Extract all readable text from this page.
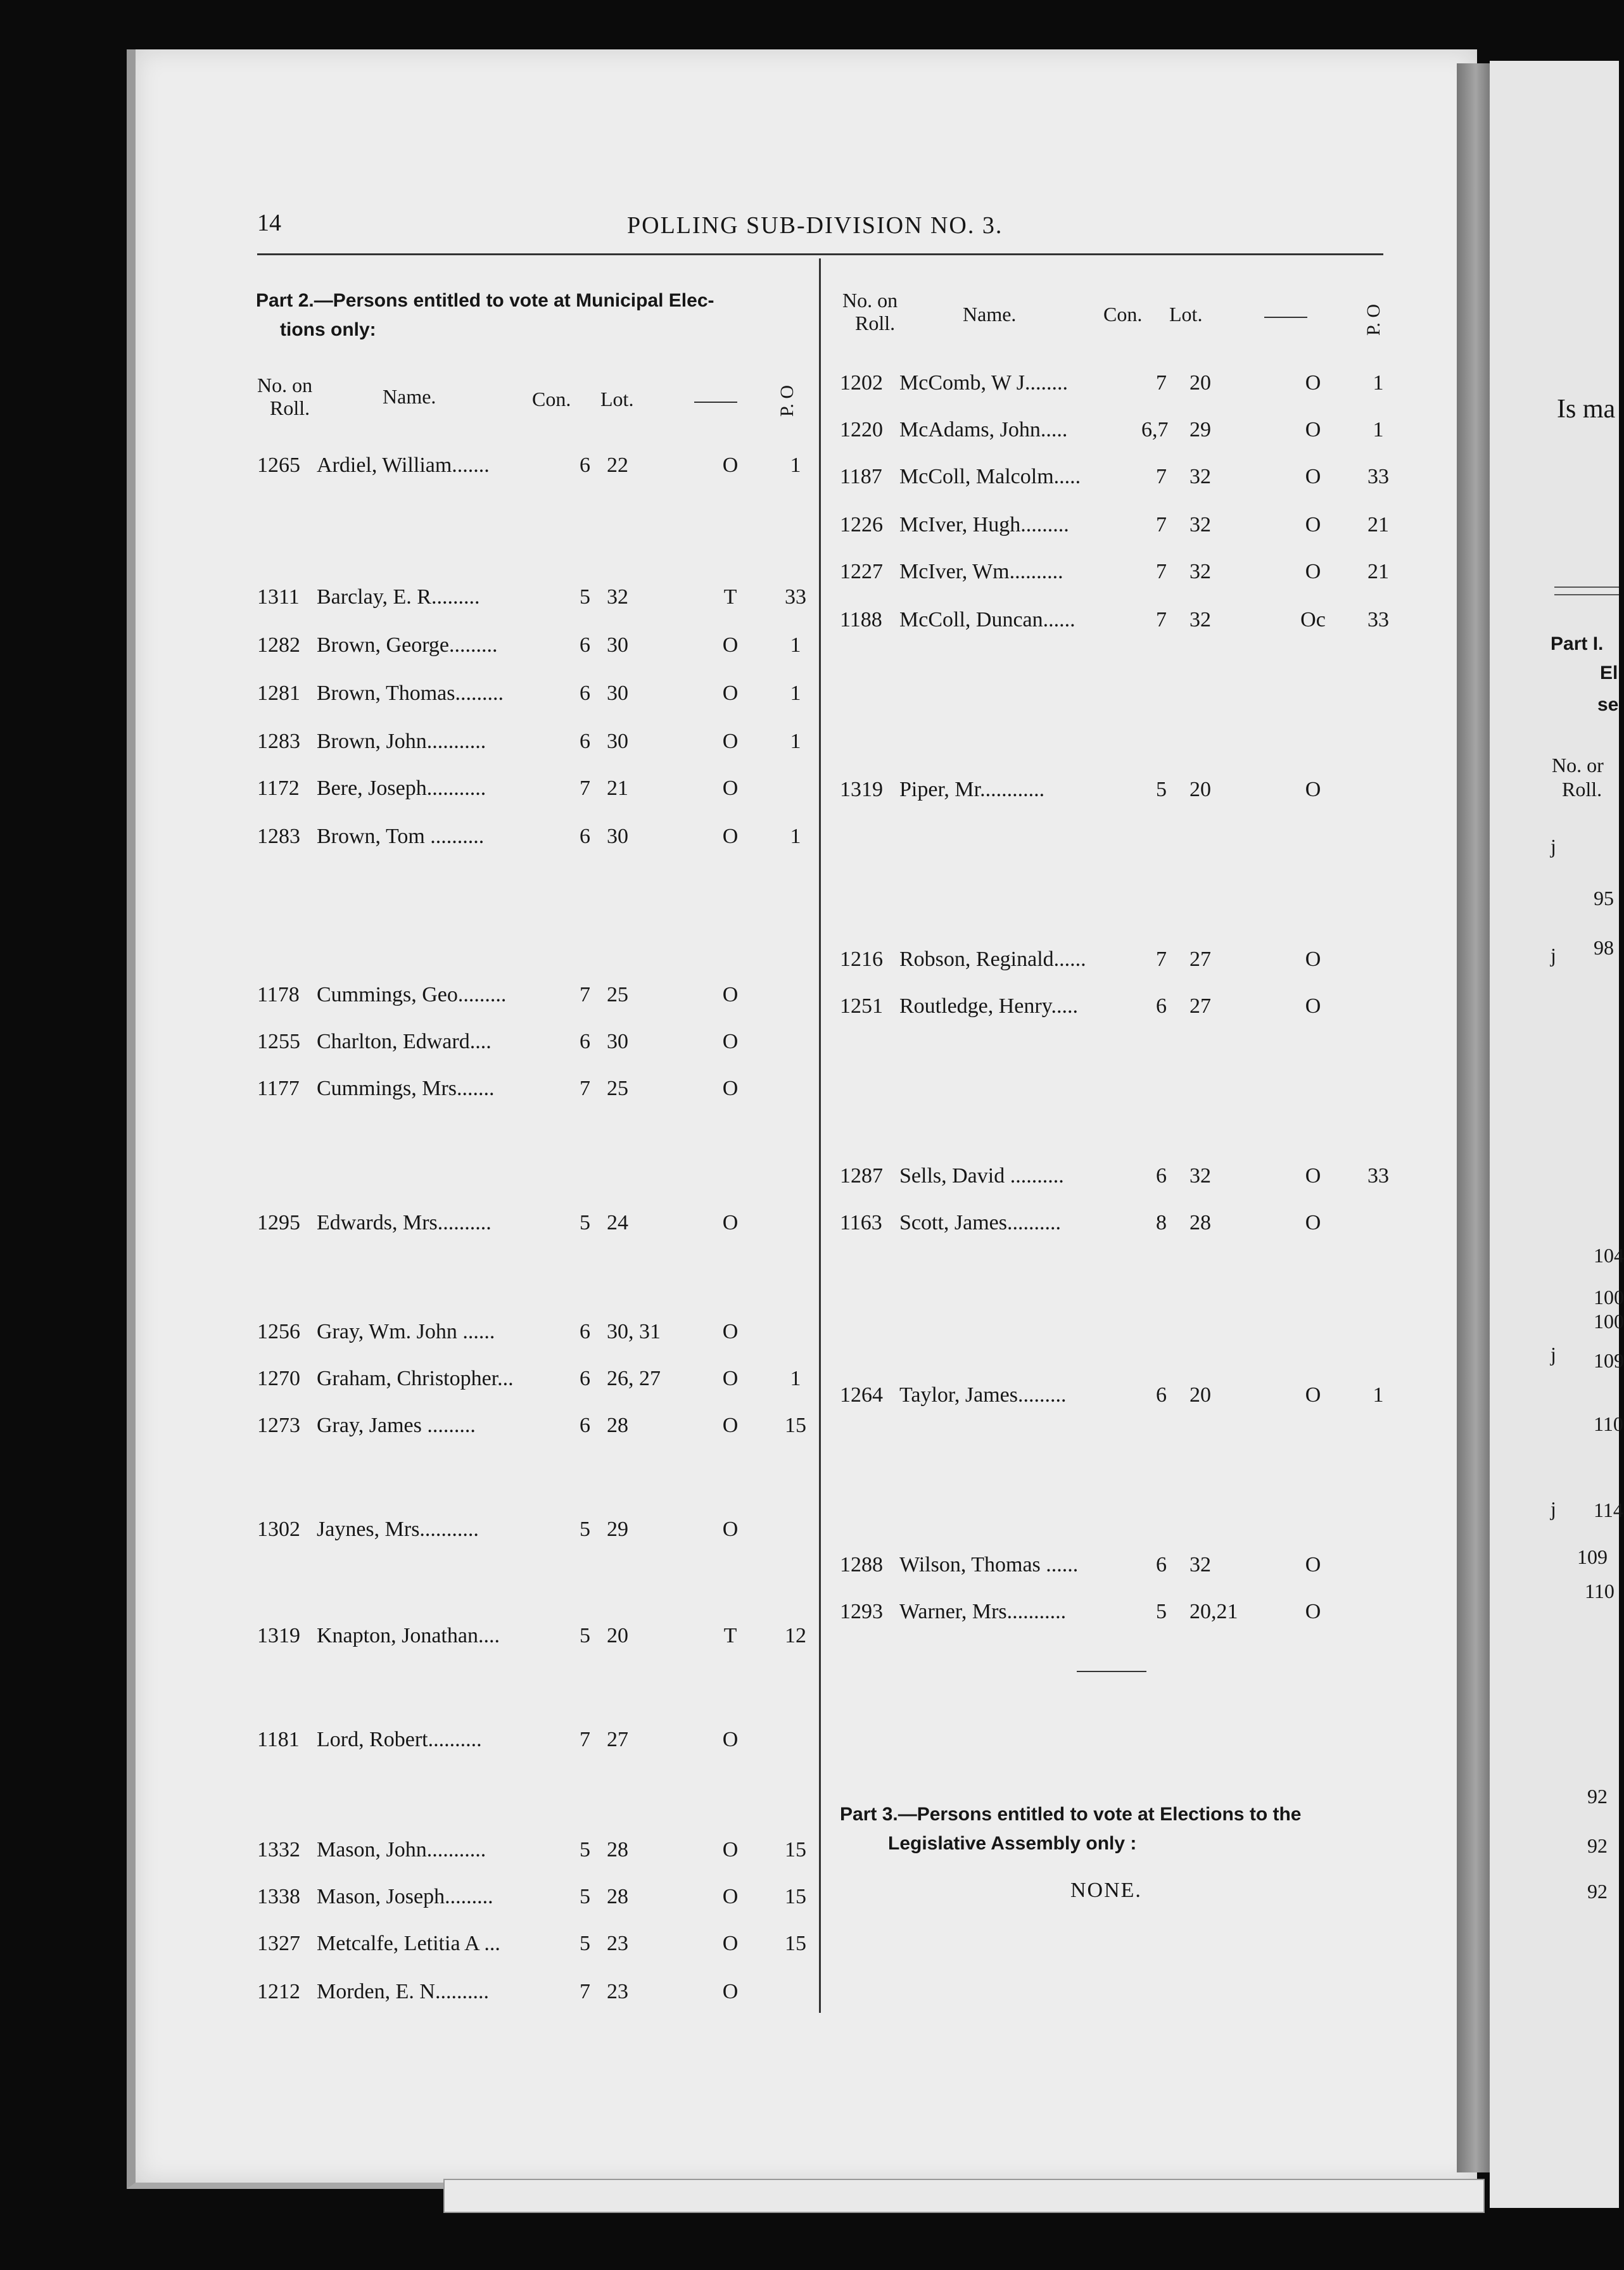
14	POLLING SUB-DIVISION NO. 3.
Part 2.—Persons entitled to vote at Municipal Elec-
tions only:
No. on
Roll.	Name.	Con. Lot.	P. O
No. on
Roll.	Name.	Con. Lot.	P. O
1265 Ardiel, William.......	6 22	O	1
1311 Barclay, E. R.........	5 32	T	33
1282 Brown, George.........	6 30	O	1
1281 Brown, Thomas.........	6 30	O	1
1283 Brown, John...........	6 30	O	1
1172 Bere, Joseph...........	7 21	O
1283 Brown, Tom ..........	6 30	O	1
1178 Cummings, Geo.........	7 25	O
1255 Charlton, Edward....	6 30	O
1177 Cummings, Mrs.......	7 25	O
1295 Edwards, Mrs..........	5 24	O
1256 Gray, Wm. John ......	6 30, 31	O
1270 Graham, Christopher...	6 26, 27	O	1
1273 Gray, James .........	6 28	O	15
1302 Jaynes, Mrs...........	5 29	O
1319 Knapton, Jonathan....	5 20	T	12
1181 Lord, Robert..........	7 27	O
1332 Mason, John...........	5 28	O	15
1338 Mason, Joseph.........	5 28	O	15
1327 Metcalfe, Letitia A ...	5 23	O	15
1212 Morden, E. N..........	7 23	O
1202 McComb, W J........	7 20	O	1
1220 McAdams, John.....	6,7 29	O	1
1187 McColl, Malcolm.....	7 32	O	33
1226 McIver, Hugh.........	7 32	O	21
1227 McIver, Wm..........	7 32	O	21
1188 McColl, Duncan......	7 32	Oc	33
1319 Piper, Mr............	5 20	O
1216 Robson, Reginald......	7 27	O
1251 Routledge, Henry.....	6 27	O
1287 Sells, David ..........	6 32	O	33
1163 Scott, James..........	8 28	O
1264 Taylor, James.........	6 20	O	1
1288 Wilson, Thomas ......	6 32	O
1293 Warner, Mrs...........	5 20,21	O
Part 3.—Persons entitled to vote at Elections to the
Legislative Assembly only :
NONE.
Is ma
Part I.
El
se
No. or
Roll.
j
95
98
j
104
100
100
j 109
110
j 114
109
110
92
92
92
